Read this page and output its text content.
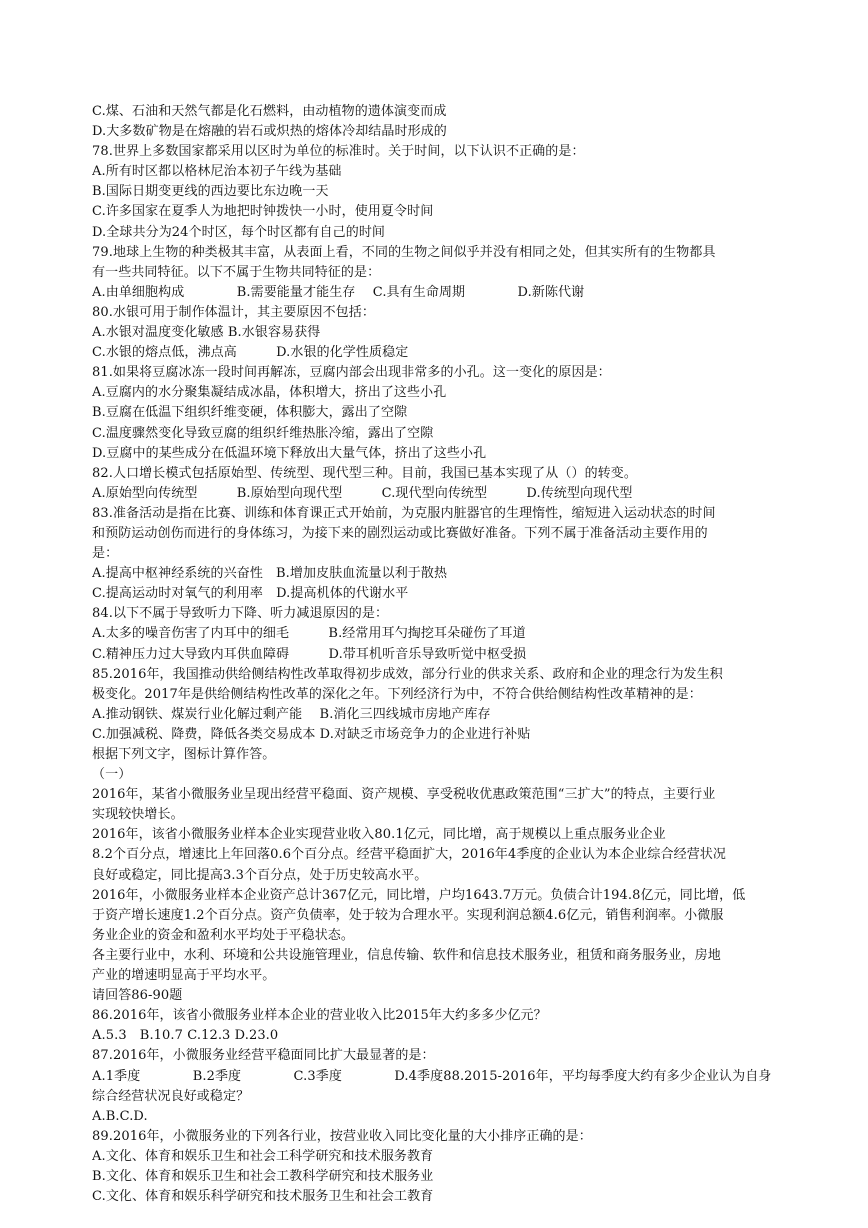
C.煤、石油和天然气都是化石燃料，由动植物的遗体演变而成
D.大多数矿物是在熔融的岩石或炽热的熔体冷却结晶时形成的
78.世界上多数国家都采用以区时为单位的标准时。关于时间，以下认识不正确的是：
A.所有时区都以格林尼治本初子午线为基础
B.国际日期变更线的西边要比东边晚一天
C.许多国家在夏季人为地把时钟拨快一小时，使用夏令时间
D.全球共分为24个时区，每个时区都有自己的时间
79.地球上生物的种类极其丰富，从表面上看，不同的生物之间似乎并没有相同之处，但其实所有的生物都具
有一些共同特征。以下不属于生物共同特征的是：
A.由单细胞构成　　　　B.需要能量才能生存　 C.具有生命周期　　　　D.新陈代谢
80.水银可用于制作体温计，其主要原因不包括：
A.水银对温度变化敏感 B.水银容易获得
C.水银的熔点低，沸点高　　　D.水银的化学性质稳定
81.如果将豆腐冰冻一段时间再解冻，豆腐内部会出现非常多的小孔。这一变化的原因是：
A.豆腐内的水分聚集凝结成冰晶，体积增大，挤出了这些小孔
B.豆腐在低温下组织纤维变硬，体积膨大，露出了空隙
C.温度骤然变化导致豆腐的组织纤维热胀冷缩，露出了空隙
D.豆腐中的某些成分在低温环境下释放出大量气体，挤出了这些小孔
82.人口增长模式包括原始型、传统型、现代型三种。目前，我国已基本实现了从（）的转变。
A.原始型向传统型　　　B.原始型向现代型　　　C.现代型向传统型　　　D.传统型向现代型
83.准备活动是指在比赛、训练和体育课正式开始前，为克服内脏器官的生理惰性，缩短进入运动状态的时间
和预防运动创伤而进行的身体练习，为接下来的剧烈运动或比赛做好准备。下列不属于准备活动主要作用的
是：
A.提高中枢神经系统的兴奋性　B.增加皮肤血流量以利于散热
C.提高运动时对氧气的利用率　D.提高机体的代谢水平
84.以下不属于导致听力下降、听力减退原因的是：
A.太多的噪音伤害了内耳中的细毛　　　B.经常用耳勺掏挖耳朵碰伤了耳道
C.精神压力过大导致内耳供血障碍　　　D.带耳机听音乐导致听觉中枢受损
85.2016年，我国推动供给侧结构性改革取得初步成效，部分行业的供求关系、政府和企业的理念行为发生积
极变化。2017年是供给侧结构性改革的深化之年。下列经济行为中，不符合供给侧结构性改革精神的是：
A.推动钢铁、煤炭行业化解过剩产能　 B.消化三四线城市房地产库存
C.加强减税、降费，降低各类交易成本 D.对缺乏市场竞争力的企业进行补贴
根据下列文字，图标计算作答。
（一）
2016年，某省小微服务业呈现出经营平稳面、资产规模、享受税收优惠政策范围“三扩大”的特点，主要行业
实现较快增长。
2016年，该省小微服务业样本企业实现营业收入80.1亿元，同比增，高于规模以上重点服务业企业
8.2个百分点，增速比上年回落0.6个百分点。经营平稳面扩大，2016年4季度的企业认为本企业综合经营状况
良好或稳定，同比提高3.3个百分点，处于历史较高水平。
2016年，小微服务业样本企业资产总计367亿元，同比增，户均1643.7万元。负债合计194.8亿元，同比增，低
于资产增长速度1.2个百分点。资产负债率，处于较为合理水平。实现利润总额4.6亿元，销售利润率。小微服
务业企业的资金和盈利水平均处于平稳状态。
各主要行业中，水利、环境和公共设施管理业，信息传输、软件和信息技术服务业，租赁和商务服务业，房地
产业的增速明显高于平均水平。
请回答86-90题
86.2016年，该省小微服务业样本企业的营业收入比2015年大约多多少亿元？
A.5.3　B.10.7 C.12.3 D.23.0
87.2016年，小微服务业经营平稳面同比扩大最显著的是：
A.1季度　　　　B.2季度　　　　C.3季度　　　　D.4季度88.2015-2016年，平均每季度大约有多少企业认为自身
综合经营状况良好或稳定？
A.B.C.D.
89.2016年，小微服务业的下列各行业，按营业收入同比变化量的大小排序正确的是：
A.文化、体育和娱乐卫生和社会工科学研究和技术服务教育
B.文化、体育和娱乐卫生和社会工教科学研究和技术服务业
C.文化、体育和娱乐科学研究和技术服务卫生和社会工教育
